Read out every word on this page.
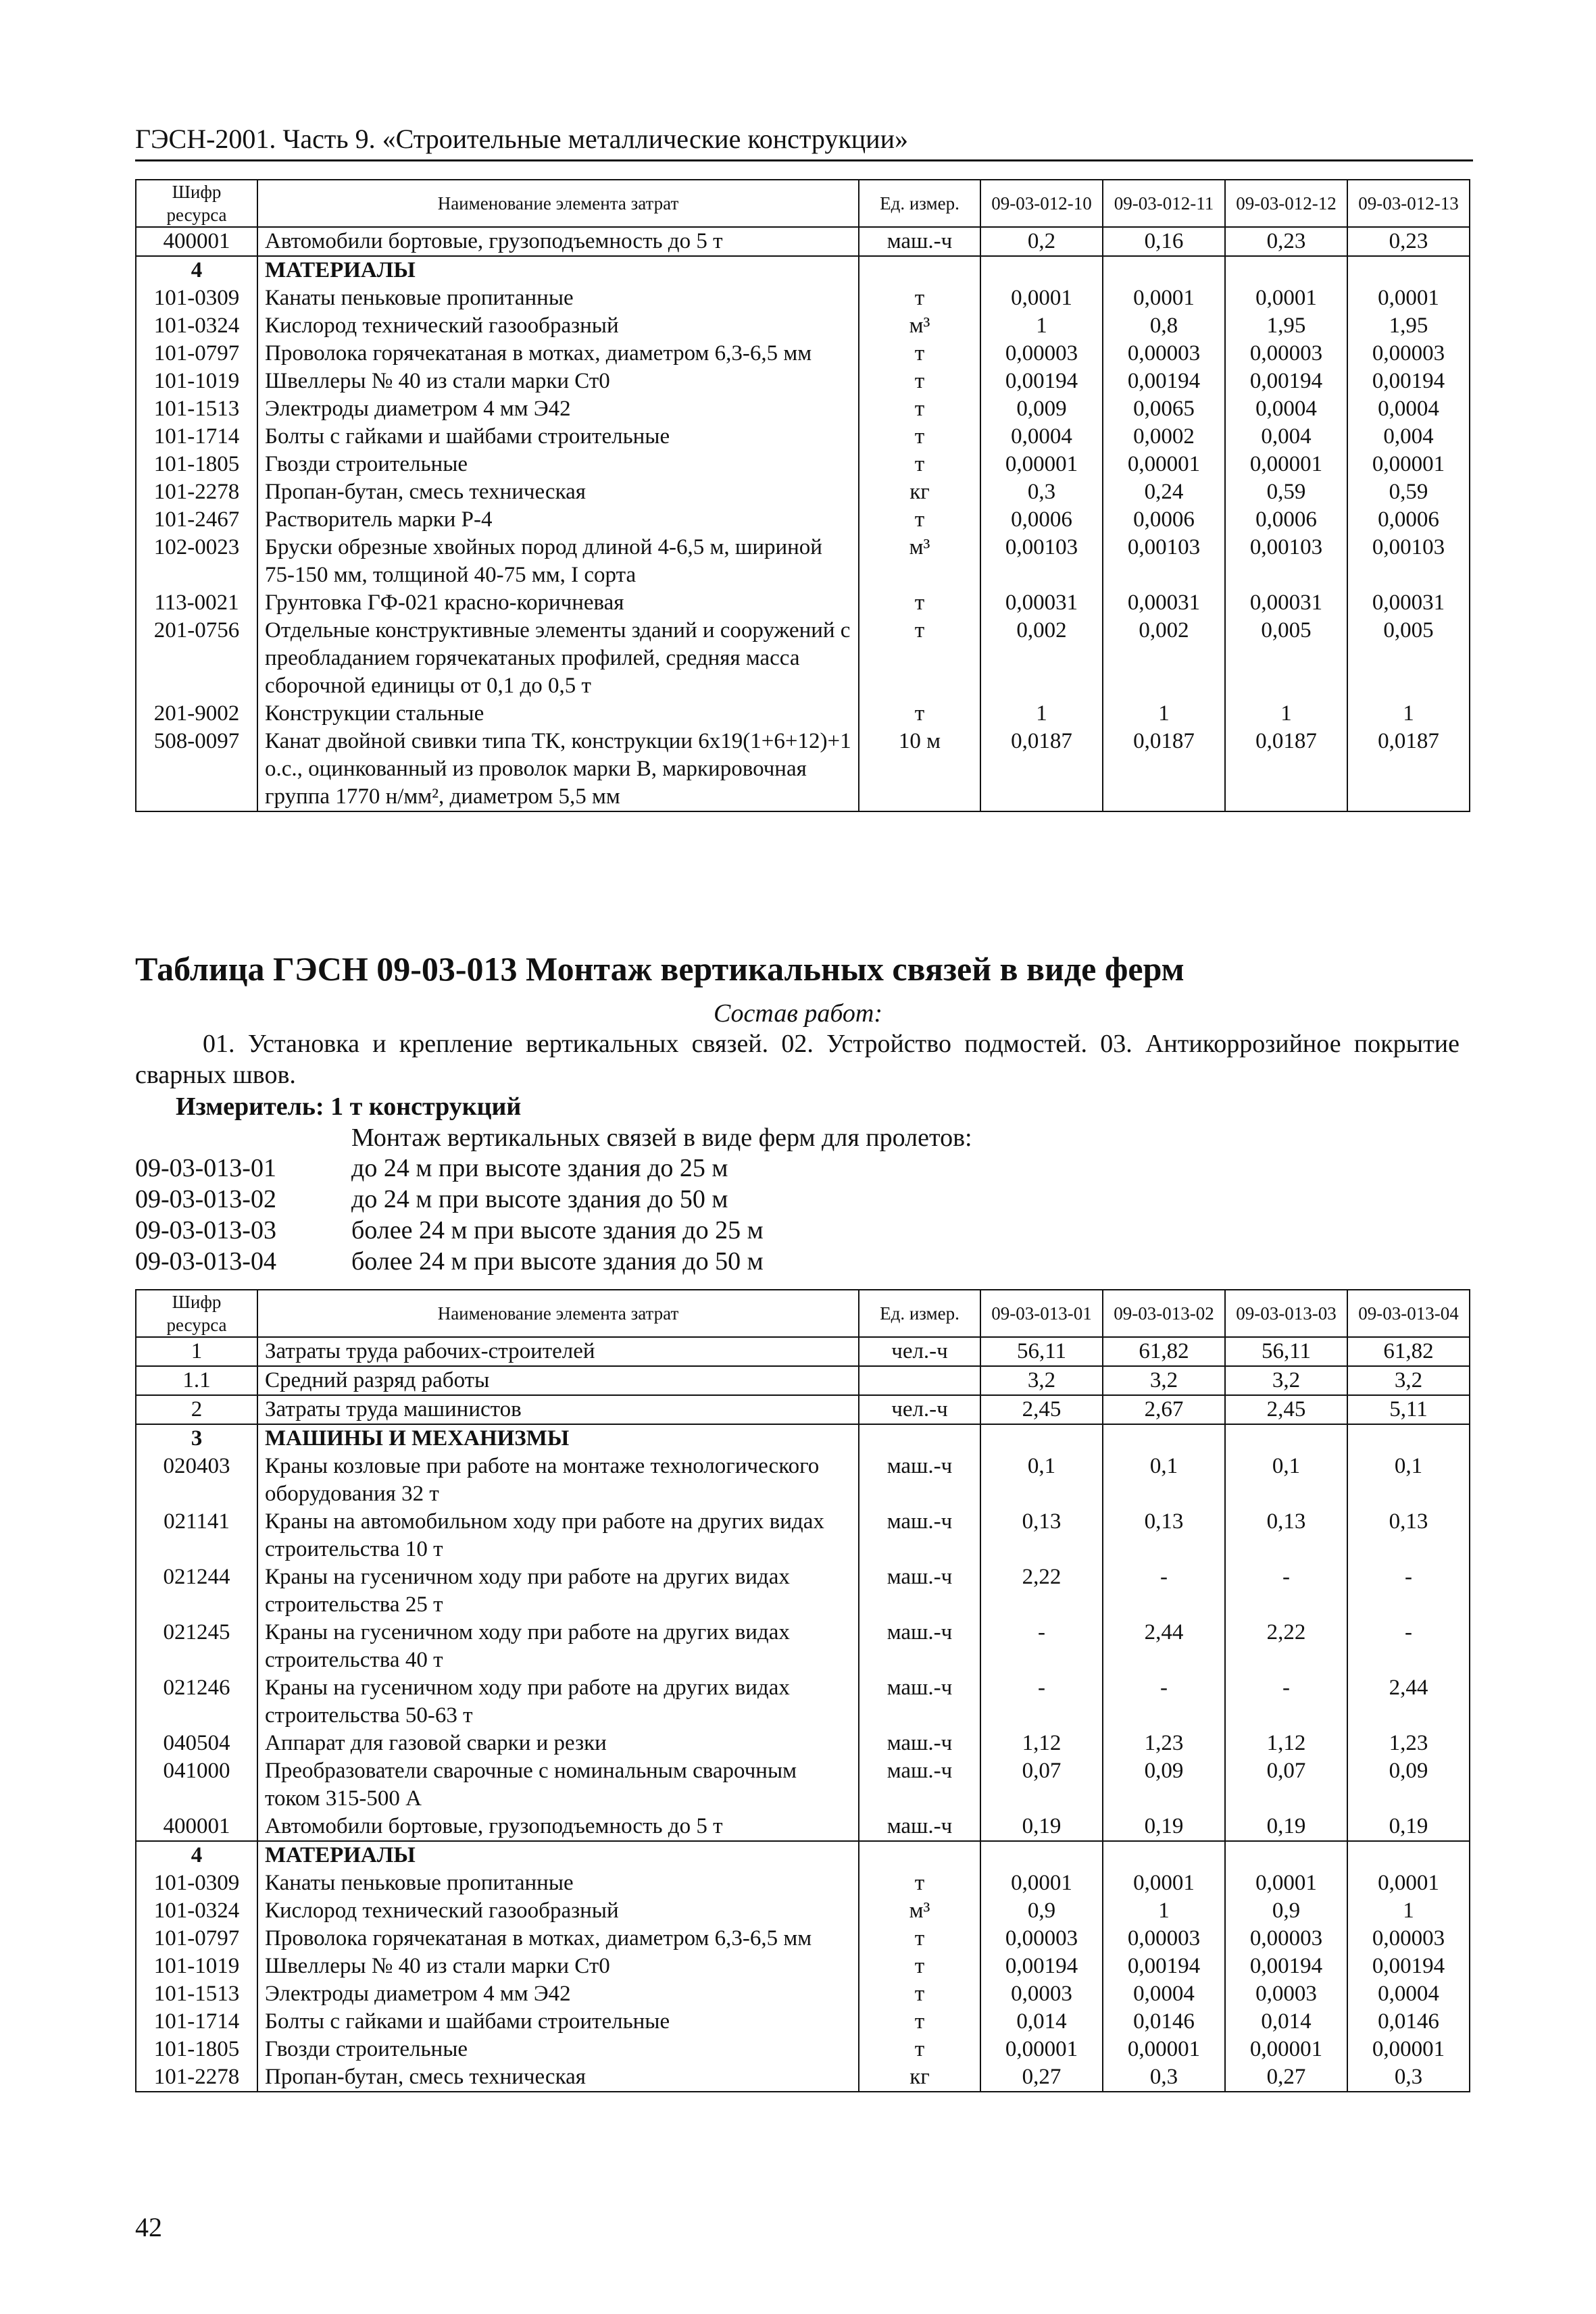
ГЭСН-2001. Часть 9. «Строительные металлические конструкции»
Шифр ресурса	Наименование элемента затрат	Ед. измер.	09-03-012-10	09-03-012-11	09-03-012-12	09-03-012-13
400001	Автомобили бортовые, грузоподъемность до 5 т	маш.-ч	0,2	0,16	0,23	0,23
4	МАТЕРИАЛЫ					
101-0309	Канаты пеньковые пропитанные	т	0,0001	0,0001	0,0001	0,0001
101-0324	Кислород технический газообразный	м³	1	0,8	1,95	1,95
101-0797	Проволока горячекатаная в мотках, диаметром 6,3-6,5 мм	т	0,00003	0,00003	0,00003	0,00003
101-1019	Швеллеры № 40 из стали марки Ст0	т	0,00194	0,00194	0,00194	0,00194
101-1513	Электроды диаметром 4 мм Э42	т	0,009	0,0065	0,0004	0,0004
101-1714	Болты с гайками и шайбами строительные	т	0,0004	0,0002	0,004	0,004
101-1805	Гвозди строительные	т	0,00001	0,00001	0,00001	0,00001
101-2278	Пропан-бутан, смесь техническая	кг	0,3	0,24	0,59	0,59
101-2467	Растворитель марки Р-4	т	0,0006	0,0006	0,0006	0,0006
102-0023	Бруски обрезные хвойных пород длиной 4-6,5 м, шириной 75-150 мм, толщиной 40-75 мм, I сорта	м³	0,00103	0,00103	0,00103	0,00103
113-0021	Грунтовка ГФ-021 красно-коричневая	т	0,00031	0,00031	0,00031	0,00031
201-0756	Отдельные конструктивные элементы зданий и сооружений с преобладанием горячекатаных профилей, средняя масса сборочной единицы от 0,1 до 0,5 т	т	0,002	0,002	0,005	0,005
201-9002	Конструкции стальные	т	1	1	1	1
508-0097	Канат двойной свивки типа ТК, конструкции 6х19(1+6+12)+1 о.с., оцинкованный из проволок марки В, маркировочная группа 1770 н/мм², диаметром 5,5 мм	10 м	0,0187	0,0187	0,0187	0,0187
Таблица ГЭСН 09-03-013 Монтаж вертикальных связей в виде ферм
Состав работ:
01. Установка и крепление вертикальных связей. 02. Устройство подмостей. 03. Антикоррозийное покрытие сварных швов.
Измеритель: 1 т конструкций
Монтаж вертикальных связей в виде ферм для пролетов:
09-03-013-01	до 24 м при высоте здания до 25 м
09-03-013-02	до 24 м при высоте здания до 50 м
09-03-013-03	более 24 м при высоте здания до 25 м
09-03-013-04	более 24 м при высоте здания до 50 м
Шифр ресурса	Наименование элемента затрат	Ед. измер.	09-03-013-01	09-03-013-02	09-03-013-03	09-03-013-04
1	Затраты труда рабочих-строителей	чел.-ч	56,11	61,82	56,11	61,82
1.1	Средний разряд работы		3,2	3,2	3,2	3,2
2	Затраты труда машинистов	чел.-ч	2,45	2,67	2,45	5,11
3	МАШИНЫ И МЕХАНИЗМЫ					
020403	Краны козловые при работе на монтаже технологического оборудования 32 т	маш.-ч	0,1	0,1	0,1	0,1
021141	Краны на автомобильном ходу при работе на других видах строительства 10 т	маш.-ч	0,13	0,13	0,13	0,13
021244	Краны на гусеничном ходу при работе на других видах строительства 25 т	маш.-ч	2,22	-	-	-
021245	Краны на гусеничном ходу при работе на других видах строительства 40 т	маш.-ч	-	2,44	2,22	-
021246	Краны на гусеничном ходу при работе на других видах строительства 50-63 т	маш.-ч	-	-	-	2,44
040504	Аппарат для газовой сварки и резки	маш.-ч	1,12	1,23	1,12	1,23
041000	Преобразователи сварочные с номинальным сварочным током 315-500 А	маш.-ч	0,07	0,09	0,07	0,09
400001	Автомобили бортовые, грузоподъемность до 5 т	маш.-ч	0,19	0,19	0,19	0,19
4	МАТЕРИАЛЫ					
101-0309	Канаты пеньковые пропитанные	т	0,0001	0,0001	0,0001	0,0001
101-0324	Кислород технический газообразный	м³	0,9	1	0,9	1
101-0797	Проволока горячекатаная в мотках, диаметром 6,3-6,5 мм	т	0,00003	0,00003	0,00003	0,00003
101-1019	Швеллеры № 40 из стали марки Ст0	т	0,00194	0,00194	0,00194	0,00194
101-1513	Электроды диаметром 4 мм Э42	т	0,0003	0,0004	0,0003	0,0004
101-1714	Болты с гайками и шайбами строительные	т	0,014	0,0146	0,014	0,0146
101-1805	Гвозди строительные	т	0,00001	0,00001	0,00001	0,00001
101-2278	Пропан-бутан, смесь техническая	кг	0,27	0,3	0,27	0,3
42
